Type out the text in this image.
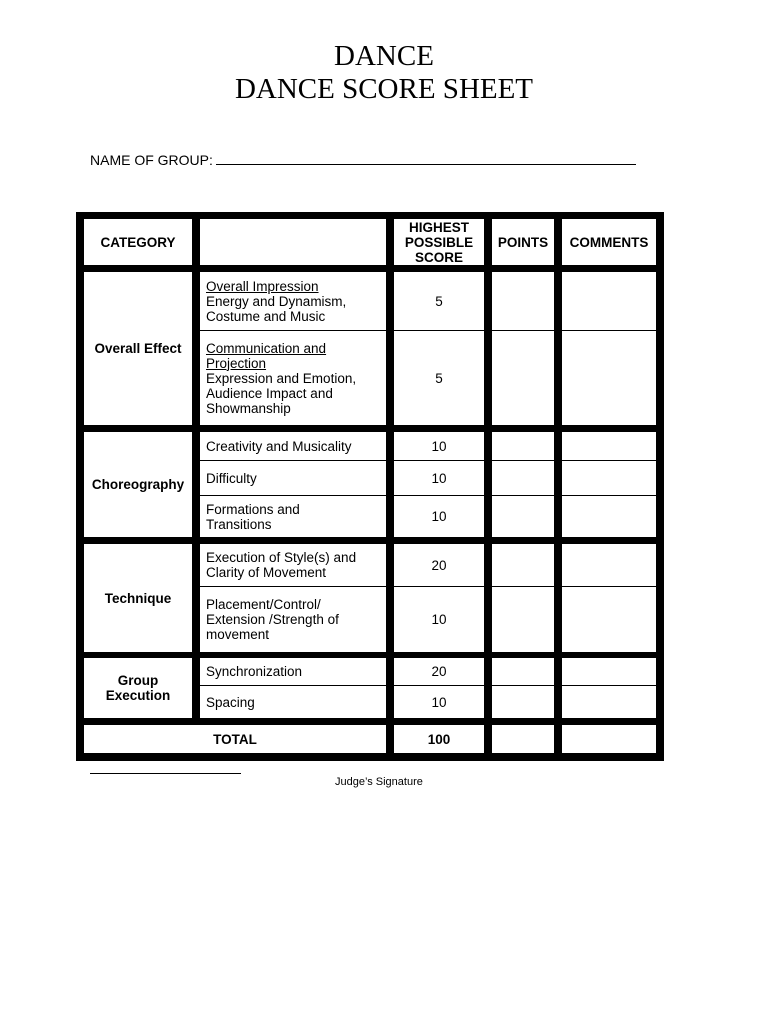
DANCE
DANCE SCORE SHEET
NAME OF GROUP:
CATEGORY
HIGHEST
POSSIBLE
SCORE
POINTS	COMMENTS
Overall Effect
Overall Impression
Energy and Dynamism,
Costume and Music
Communication and
Projection
Expression and Emotion,
Audience Impact and
Showmanship
5
5
Choreography
Creativity and Musicality
Difficulty
Formations and
Transitions
10
10
10
Technique
Execution of Style(s) and
Clarity of Movement
Placement/Control/
Extension /Strength of
movement
20
10
Group
Execution
Synchronization
Spacing
20
10
TOTAL	100
Judge’s Signature
